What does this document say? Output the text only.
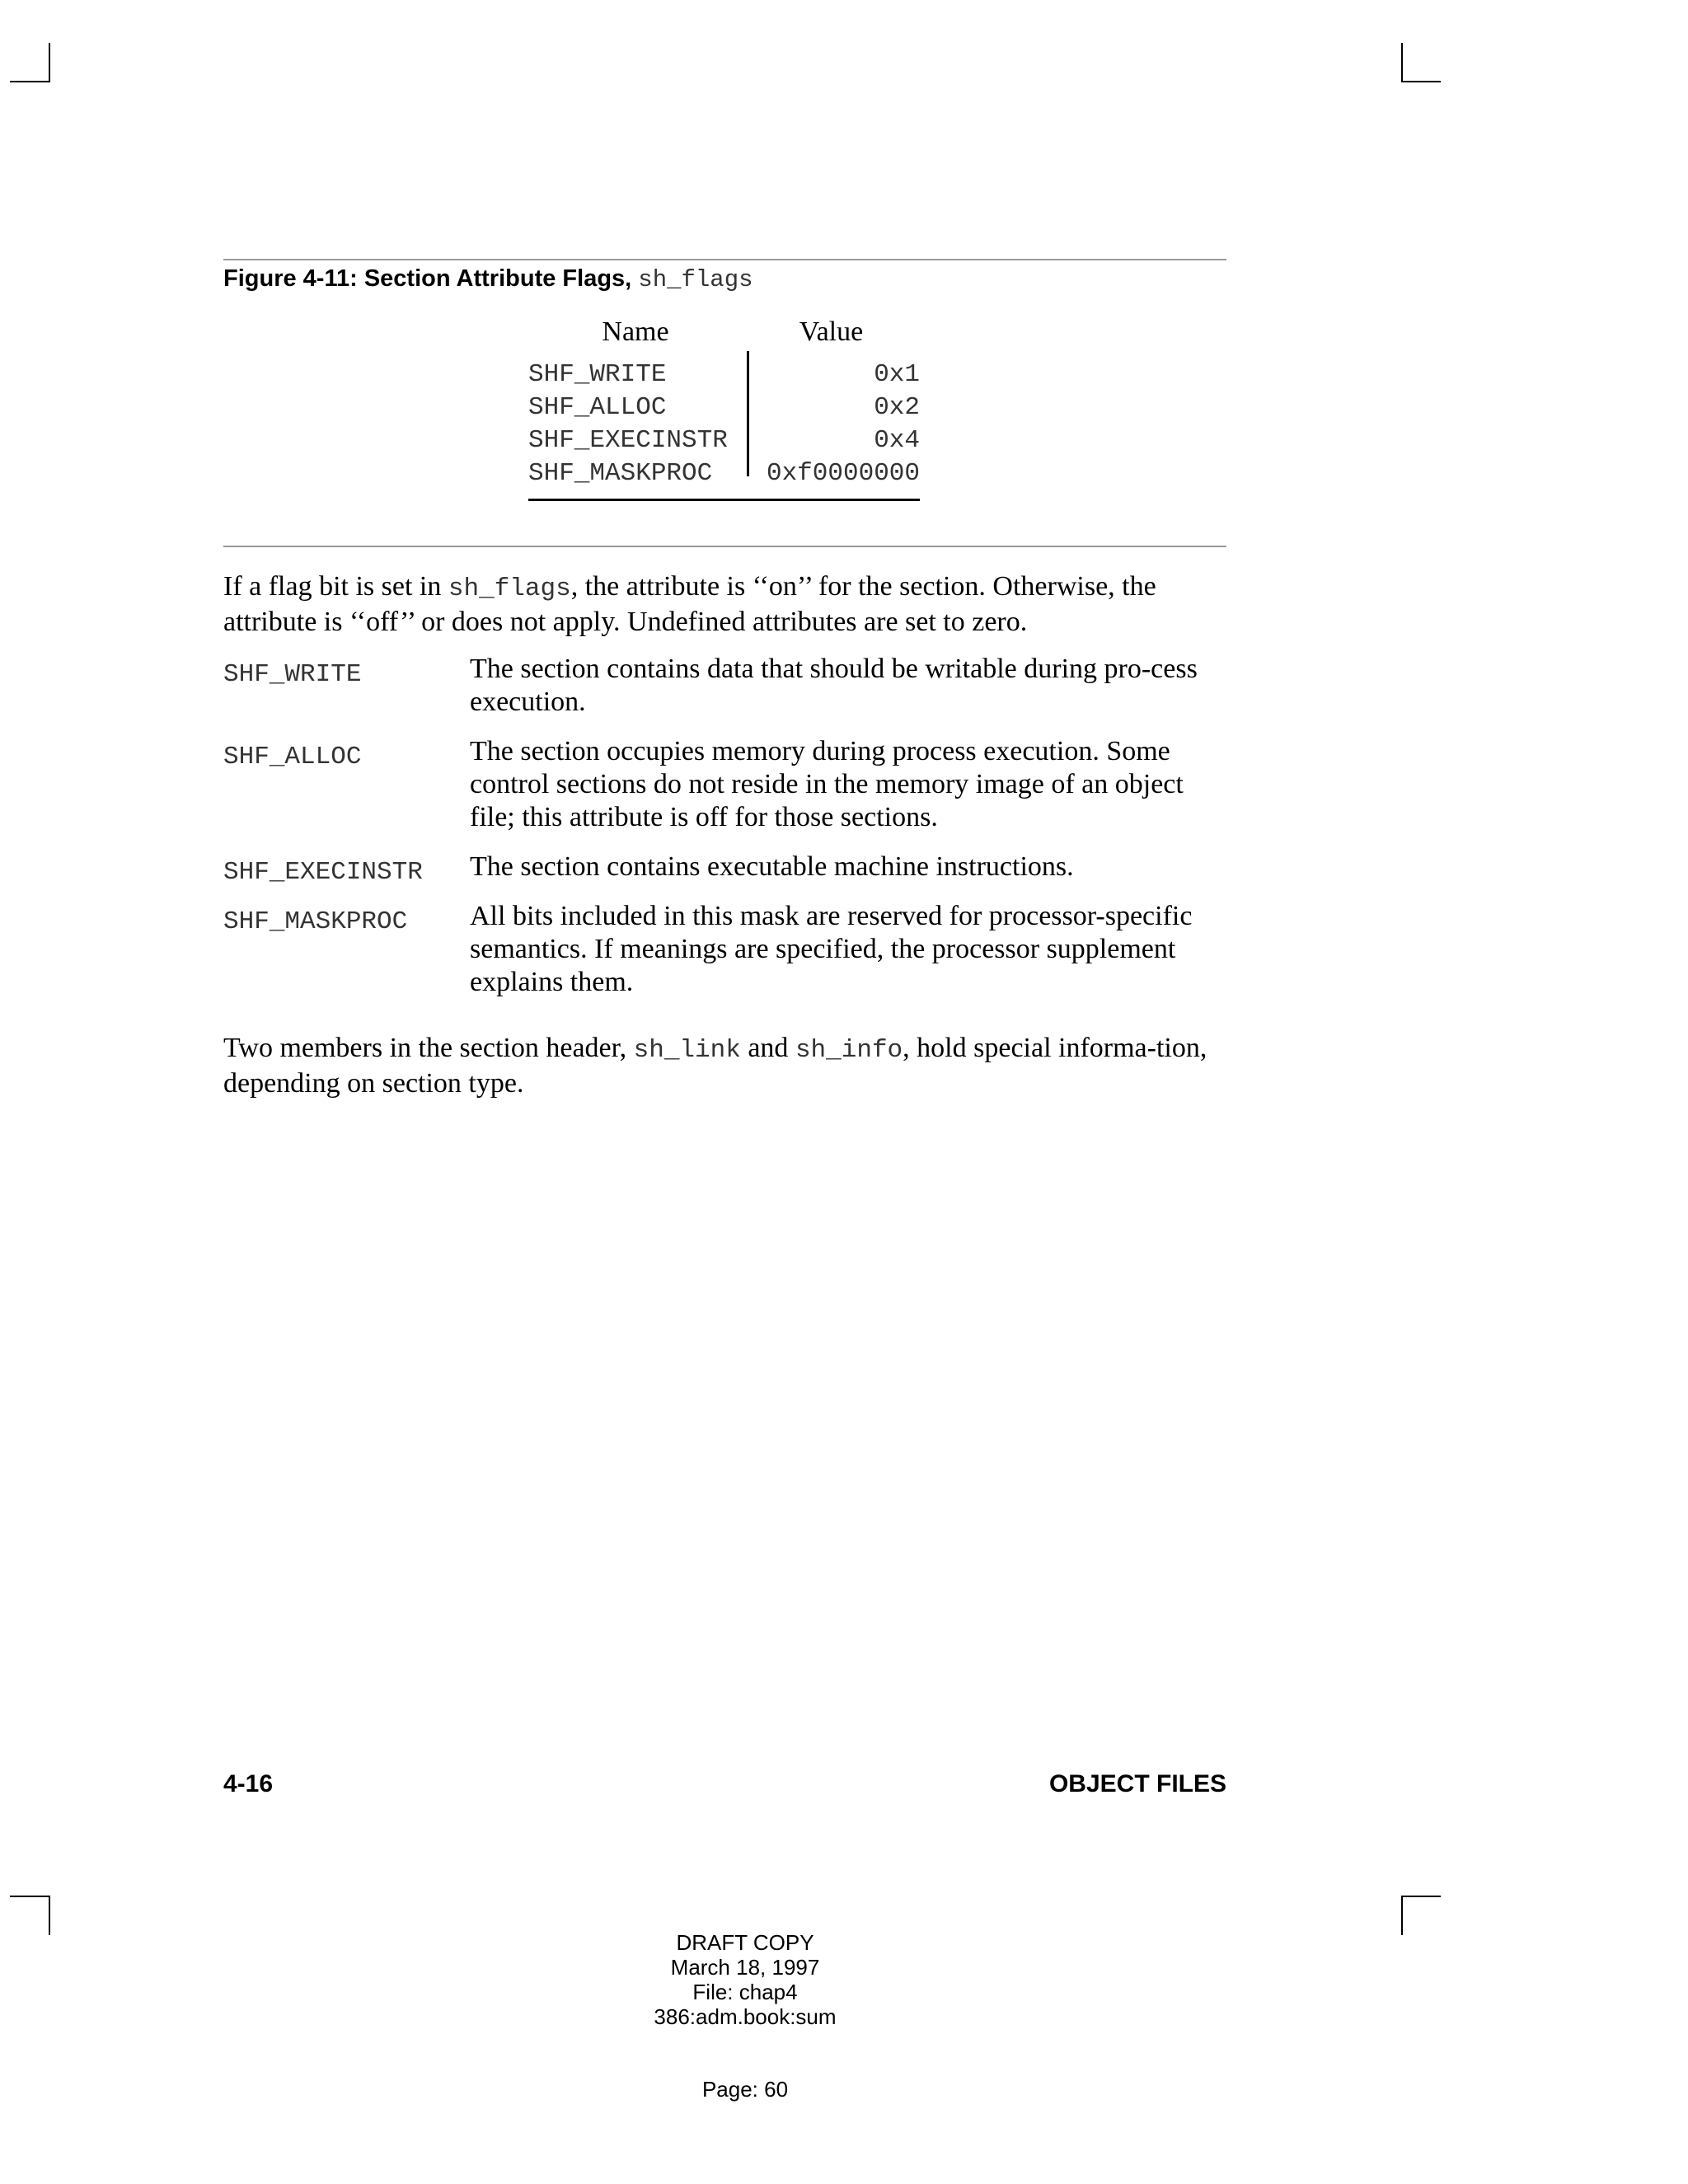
Figure 4-11: Section Attribute Flags, sh_flags
Name	Value
SHF_WRITE	0x1
SHF_ALLOC	0x2
SHF_EXECINSTR	0x4
SHF_MASKPROC 0xf0000000
If a flag bit is set in sh_flags, the attribute is ‘‘on’’ for the section. Otherwise, the attribute is ‘‘off’’ or does not apply. Undefined attributes are set to zero.
SHF_WRITE	The section contains data that should be writable during pro-cess execution.
SHF_ALLOC	The section occupies memory during process execution. Some control sections do not reside in the memory image of an object file; this attribute is off for those sections.
SHF_EXECINSTR The section contains executable machine instructions.
SHF_MASKPROC All bits included in this mask are reserved for processor-specific semantics. If meanings are specified, the processor supplement explains them.
Two members in the section header, sh_link and sh_info, hold special informa-tion, depending on section type.
4-16	OBJECT FILES
DRAFT COPY
March 18, 1997
File: chap4
386:adm.book:sum
Page: 60
